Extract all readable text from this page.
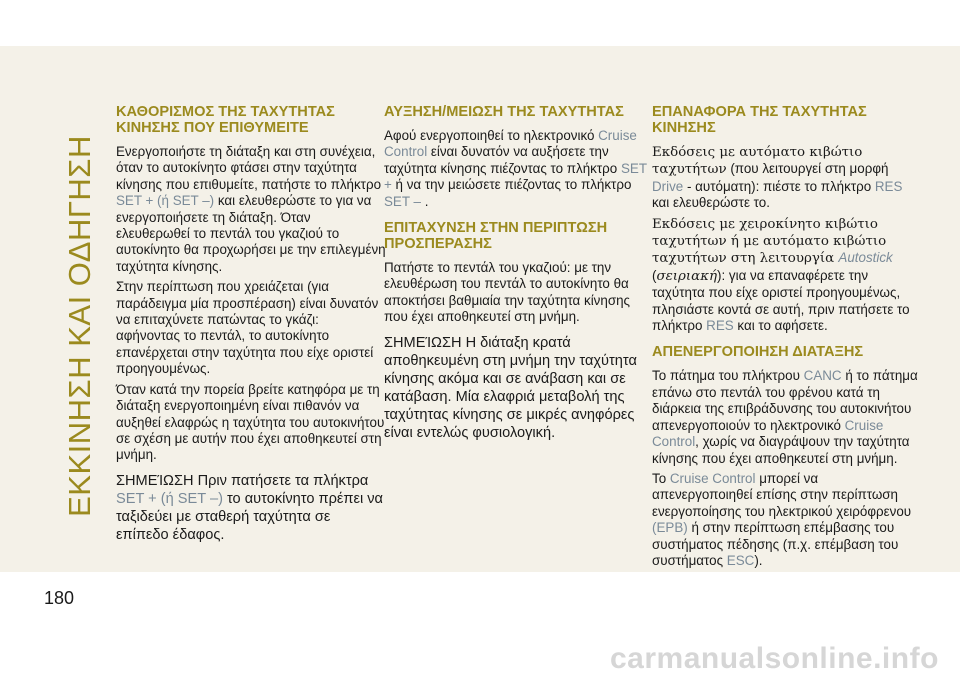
ΕΚΚΙΝΗΣΗ ΚΑΙ ΟΔΗΓΗΣΗ
ΚΑΘΟΡΙΣΜΟΣ ΤΗΣ ΤΑΧΥΤΗΤΑΣ ΚΙΝΗΣΗΣ ΠΟΥ ΕΠΙΘΥΜΕΙΤΕ

Ενεργοποιήστε τη διάταξη και στη συνέχεια, όταν το αυτοκίνητο φτάσει στην ταχύτητα κίνησης που επιθυμείτε, πατήστε το πλήκτρο SET + (ή SET –) και ελευθερώστε το για να ενεργοποιήσετε τη διάταξη. Όταν ελευθερωθεί το πεντάλ του γκαζιού το αυτοκίνητο θα προχωρήσει με την επιλεγμένη ταχύτητα κίνησης.

Στην περίπτωση που χρειάζεται (για παράδειγμα μία προσπέραση) είναι δυνατόν να επιταχύνετε πατώντας το γκάζι: αφήνοντας το πεντάλ, το αυτοκίνητο επανέρχεται στην ταχύτητα που είχε οριστεί προηγουμένως.

Όταν κατά την πορεία βρείτε κατηφόρα με τη διάταξη ενεργοποιημένη είναι πιθανόν να αυξηθεί ελαφρώς η ταχύτητα του αυτοκινήτου σε σχέση με αυτήν που έχει αποθηκευτεί στη μνήμη.

ΣΗΜΕΊΩΣΗ Πριν πατήσετε τα πλήκτρα SET + (ή SET –) το αυτοκίνητο πρέπει να ταξιδεύει με σταθερή ταχύτητα σε επίπεδο έδαφος.

ΑΥΞΗΣΗ/ΜΕΙΩΣΗ ΤΗΣ ΤΑΧΥΤΗΤΑΣ

Αφού ενεργοποιηθεί το ηλεκτρονικό Cruise Control είναι δυνατόν να αυξήσετε την ταχύτητα κίνησης πιέζοντας το πλήκτρο SET + ή να την μειώσετε πιέζοντας το πλήκτρο SET – .

ΕΠΙΤΑΧΥΝΣΗ ΣΤΗΝ ΠΕΡΙΠΤΩΣΗ ΠΡΟΣΠΕΡΑΣΗΣ

Πατήστε το πεντάλ του γκαζιού: με την ελευθέρωση του πεντάλ το αυτοκίνητο θα αποκτήσει βαθμιαία την ταχύτητα κίνησης που έχει αποθηκευτεί στη μνήμη.

ΣΗΜΕΊΩΣΗ Η διάταξη κρατά αποθηκευμένη στη μνήμη την ταχύτητα κίνησης ακόμα και σε ανάβαση και σε κατάβαση. Μία ελαφριά μεταβολή της ταχύτητας κίνησης σε μικρές ανηφόρες είναι εντελώς φυσιολογική.

ΕΠΑΝΑΦΟΡΑ ΤΗΣ ΤΑΧΥΤΗΤΑΣ ΚΙΝΗΣΗΣ

Εκδόσεις με αυτόματο κιβώτιο ταχυτήτων (που λειτουργεί στη μορφή Drive - αυτόματη): πιέστε το πλήκτρο RES και ελευθερώστε το.

Εκδόσεις με χειροκίνητο κιβώτιο ταχυτήτων ή με αυτόματο κιβώτιο ταχυτήτων στη λειτουργία Autostick (σειριακή): για να επαναφέρετε την ταχύτητα που είχε οριστεί προηγουμένως, πλησιάστε κοντά σε αυτή, πριν πατήσετε το πλήκτρο RES και το αφήσετε.

ΑΠΕΝΕΡΓΟΠΟΙΗΣΗ ΔΙΑΤΑΞΗΣ

Το πάτημα του πλήκτρου CANC ή το πάτημα επάνω στο πεντάλ του φρένου κατά τη διάρκεια της επιβράδυνσης του αυτοκινήτου απενεργοποιούν το ηλεκτρονικό Cruise Control, χωρίς να διαγράψουν την ταχύτητα κίνησης που έχει αποθηκευτεί στη μνήμη.

Το Cruise Control μπορεί να απενεργοποιηθεί επίσης στην περίπτωση ενεργοποίησης του ηλεκτρικού χειρόφρενου (EPB) ή στην περίπτωση επέμβασης του συστήματος πέδησης (π.χ. επέμβαση του συστήματος ESC).

180
carmanualsonline.info
